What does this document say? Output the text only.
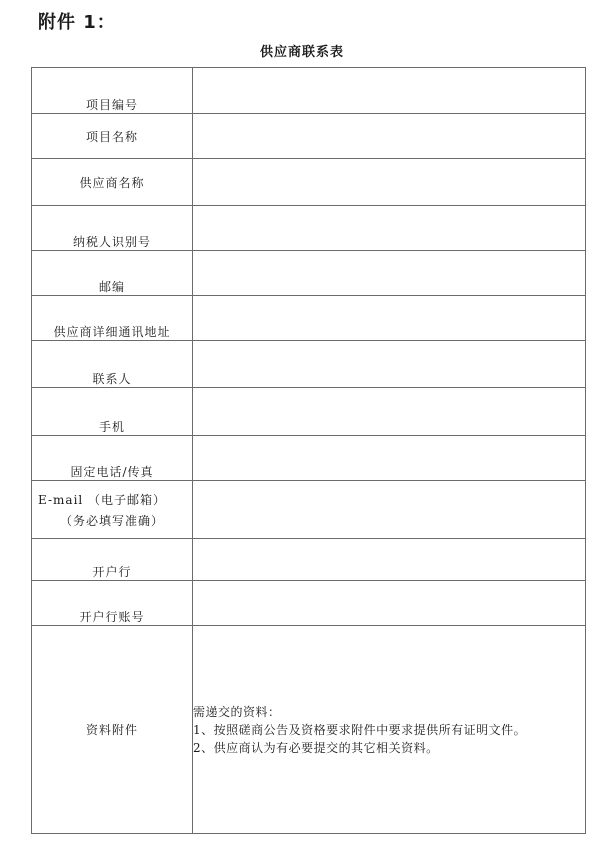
附件 1：
供应商联系表
项目编号	
项目名称	
供应商名称	
纳税人识别号	
邮编	
供应商详细通讯地址	
联系人	
手机	
固定电话/传真	

E-mail （电子邮箱）
（务必填写准确）	

开户行	
开户行账号	
资料附件	需递交的资料：
1、按照磋商公告及资格要求附件中要求提供所有证明文件。
2、供应商认为有必要提交的其它相关资料。
